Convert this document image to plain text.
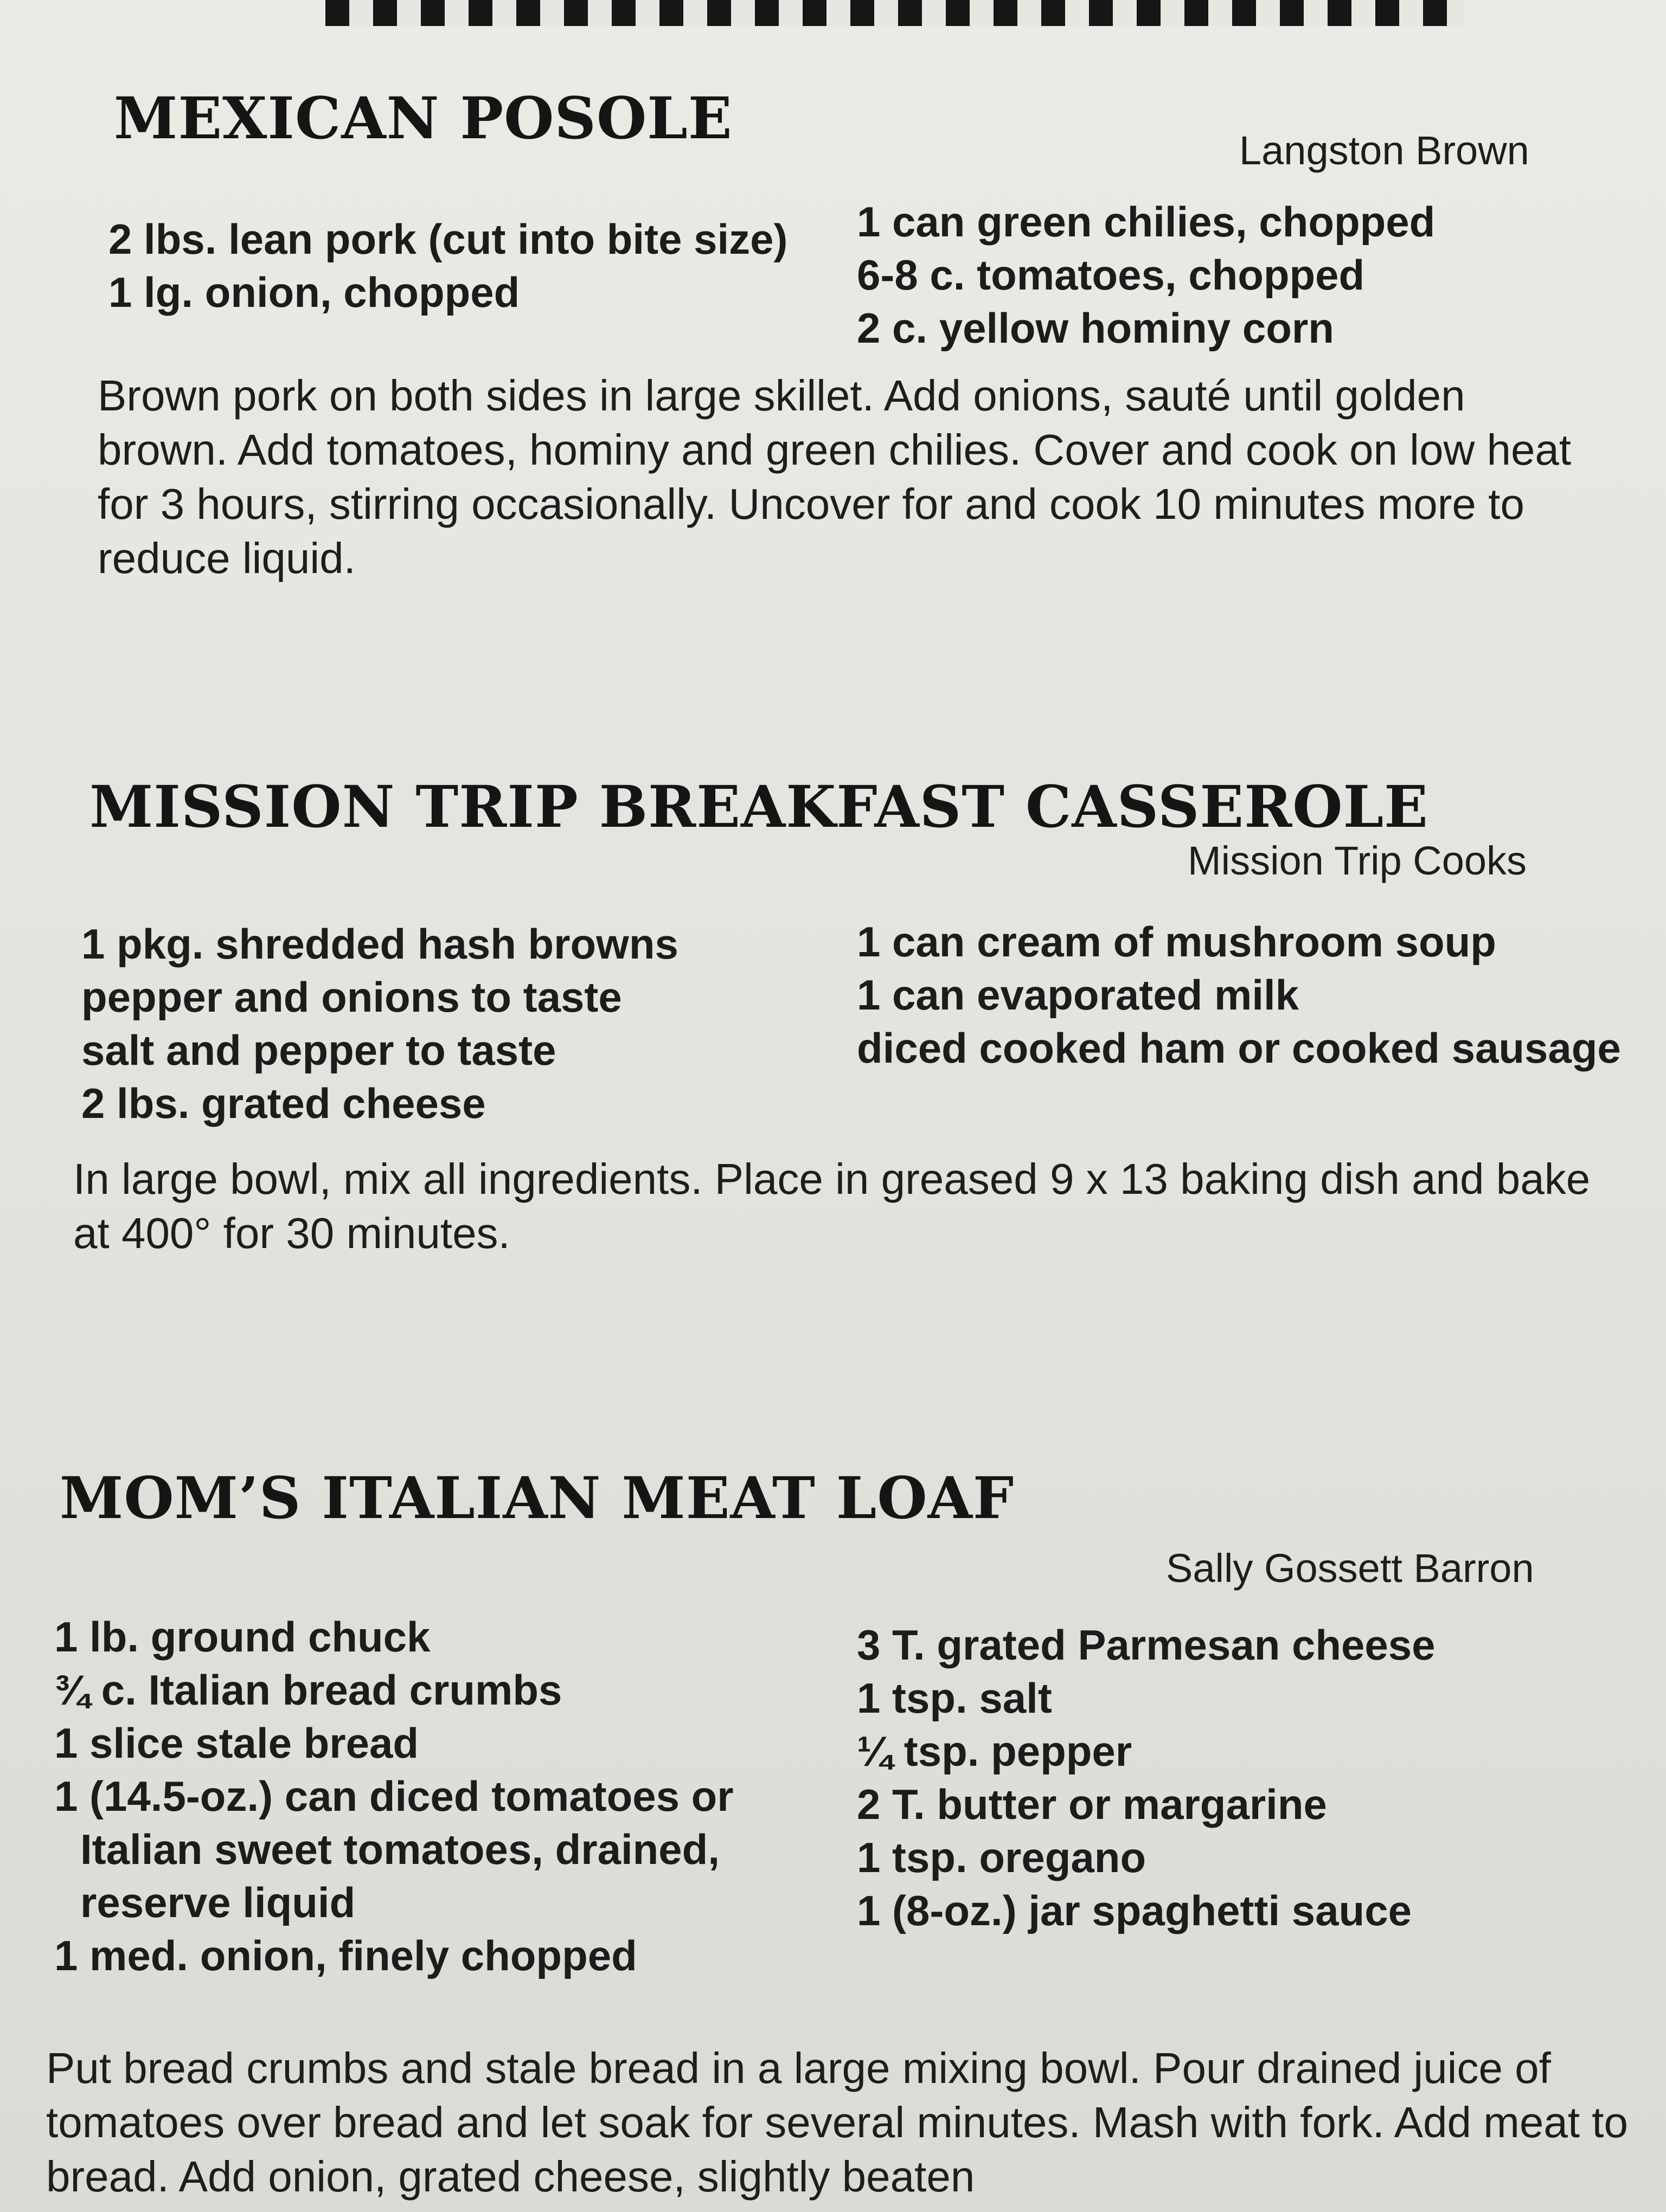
MEXICAN POSOLE	Langston Brown
2 lbs. lean pork (cut into bite size)
1 lg. onion, chopped
1 can green chilies, chopped
6-8 c. tomatoes, chopped
2 c. yellow hominy corn

Brown pork on both sides in large skillet. Add onions, sauté until golden brown. Add tomatoes, hominy and green chilies. Cover and cook on low heat for 3 hours, stirring occasionally. Uncover for and cook 10 minutes more to reduce liquid.

MISSION TRIP BREAKFAST CASSEROLE
Mission Trip Cooks
1 pkg. shredded hash browns
pepper and onions to taste
salt and pepper to taste
2 lbs. grated cheese
1 can cream of mushroom soup
1 can evaporated milk
diced cooked ham or cooked sausage

In large bowl, mix all ingredients. Place in greased 9 x 13 baking dish and bake at 400° for 30 minutes.

MOM’S ITALIAN MEAT LOAF
Sally Gossett Barron
1 lb. ground chuck
¾ c. Italian bread crumbs
1 slice stale bread
1 (14.5-oz.) can diced tomatoes or Italian sweet tomatoes, drained, reserve liquid
1 med. onion, finely chopped
3 T. grated Parmesan cheese
1 tsp. salt
¼ tsp. pepper
2 T. butter or margarine
1 tsp. oregano
1 (8-oz.) jar spaghetti sauce

Put bread crumbs and stale bread in a large mixing bowl. Pour drained juice of tomatoes over bread and let soak for several minutes. Mash with fork. Add meat to bread. Add onion, grated cheese, slightly beaten
